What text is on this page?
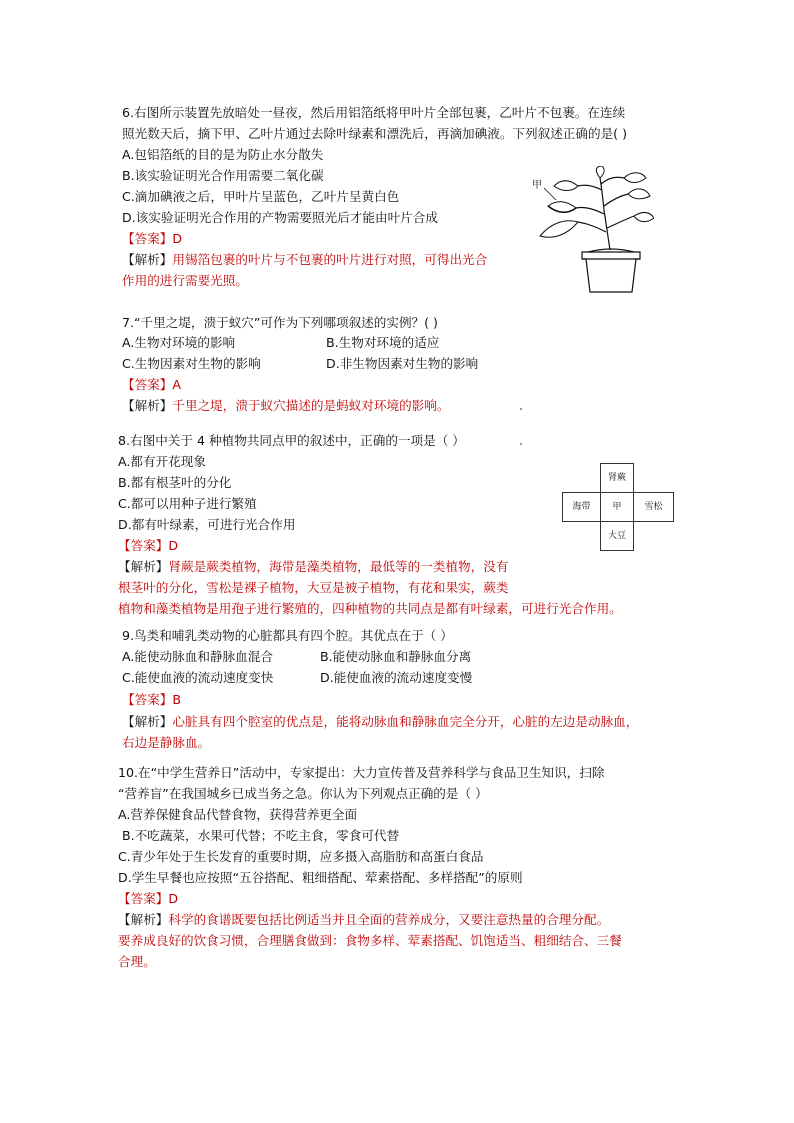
6.右图所示装置先放暗处一昼夜，然后用铝箔纸将甲叶片全部包裹，乙叶片不包裹。在连续
照光数天后，摘下甲、乙叶片通过去除叶绿素和漂洗后，再滴加碘液。下列叙述正确的是( )
A.包铝箔纸的目的是为防止水分散失
B.该实验证明光合作用需要二氧化碳
C.滴加碘液之后，甲叶片呈蓝色，乙叶片呈黄白色
D.该实验证明光合作用的产物需要照光后才能由叶片合成
【答案】D
【解析】用锡箔包裹的叶片与不包裹的叶片进行对照，可得出光合
作用的进行需要光照。
甲
7.“千里之堤，溃于蚁穴”可作为下列哪项叙述的实例？( )
A.生物对环境的影响	B.生物对环境的适应
C.生物因素对生物的影响	D.非生物因素对生物的影响
【答案】A
【解析】千里之堤，溃于蚁穴描述的是蚂蚁对环境的影响。
8.右图中关于 4 种植物共同点甲的叙述中，正确的一项是（ ）
A.都有开花现象
B.都有根茎叶的分化
C.都可以用种子进行繁殖
D.都有叶绿素，可进行光合作用
【答案】D
【解析】肾蕨是蕨类植物，海带是藻类植物，最低等的一类植物，没有
根茎叶的分化，雪松是裸子植物，大豆是被子植物，有花和果实，蕨类
植物和藻类植物是用孢子进行繁殖的，四种植物的共同点是都有叶绿素，可进行光合作用。
肾蕨
海带	甲	雪松
大豆
9.鸟类和哺乳类动物的心脏都具有四个腔。其优点在于（ ）
A.能使动脉血和静脉血混合	B.能使动脉血和静脉血分离
C.能使血液的流动速度变快	D.能使血液的流动速度变慢
【答案】B
【解析】心脏具有四个腔室的优点是，能将动脉血和静脉血完全分开，心脏的左边是动脉血，
右边是静脉血。
10.在“中学生营养日”活动中，专家提出：大力宣传普及营养科学与食品卫生知识，扫除
“营养盲”在我国城乡已成当务之急。你认为下列观点正确的是（ ）
A.营养保健食品代替食物，获得营养更全面
B.不吃蔬菜，水果可代替；不吃主食，零食可代替
C.青少年处于生长发育的重要时期，应多摄入高脂肪和高蛋白食品
D.学生早餐也应按照“五谷搭配、粗细搭配、荤素搭配、多样搭配”的原则
【答案】D
【解析】科学的食谱既要包括比例适当并且全面的营养成分，又要注意热量的合理分配。
要养成良好的饮食习惯，合理膳食做到：食物多样、荤素搭配、饥饱适当、粗细结合、三餐
合理。
